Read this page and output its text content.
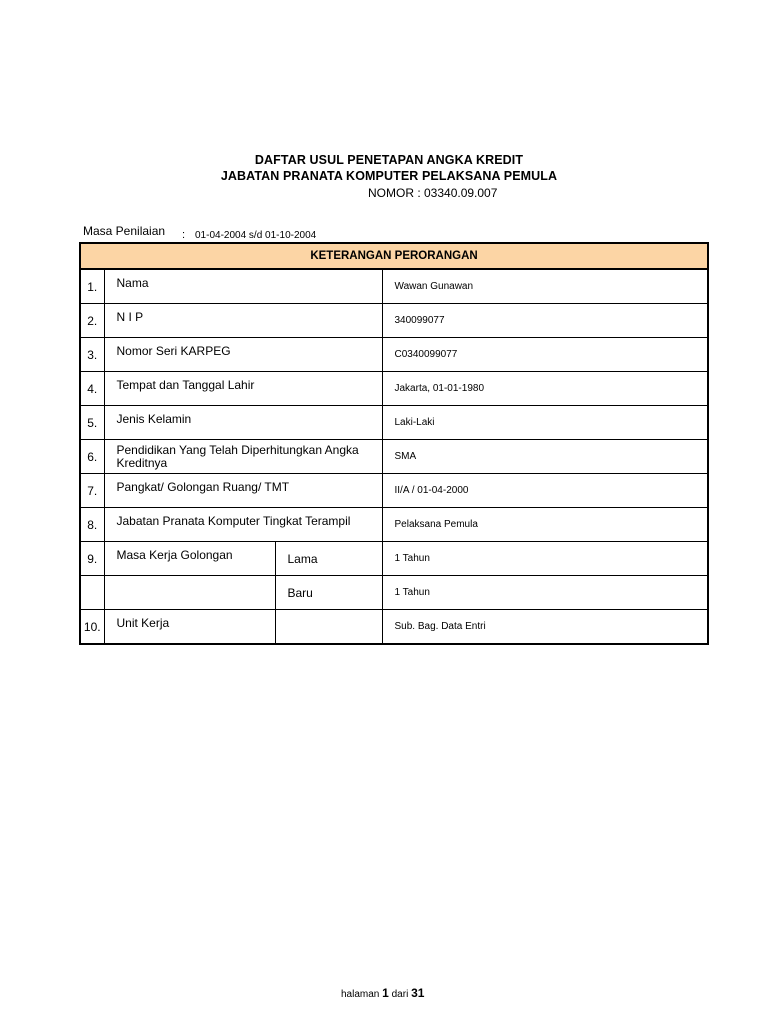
DAFTAR USUL PENETAPAN ANGKA KREDIT
JABATAN PRANATA KOMPUTER PELAKSANA PEMULA
NOMOR : 03340.09.007
Masa Penilaian : 01-04-2004 s/d 01-10-2004
KETERANGAN PERORANGAN			
1.	Nama		Wawan Gunawan
2.	N I P		340099077
3.	Nomor Seri KARPEG		C0340099077
4.	Tempat dan Tanggal Lahir		Jakarta, 01-01-1980
5.	Jenis Kelamin		Laki-Laki
6.	Pendidikan Yang Telah Diperhitungkan Angka Kreditnya		SMA
7.	Pangkat/ Golongan Ruang/ TMT		II/A / 01-04-2000
8.	Jabatan Pranata Komputer Tingkat Terampil		Pelaksana Pemula
9.	Masa Kerja Golongan	Lama	1 Tahun
		Baru	1 Tahun
10.	Unit Kerja		Sub. Bag. Data Entri
halaman 1 dari 31
